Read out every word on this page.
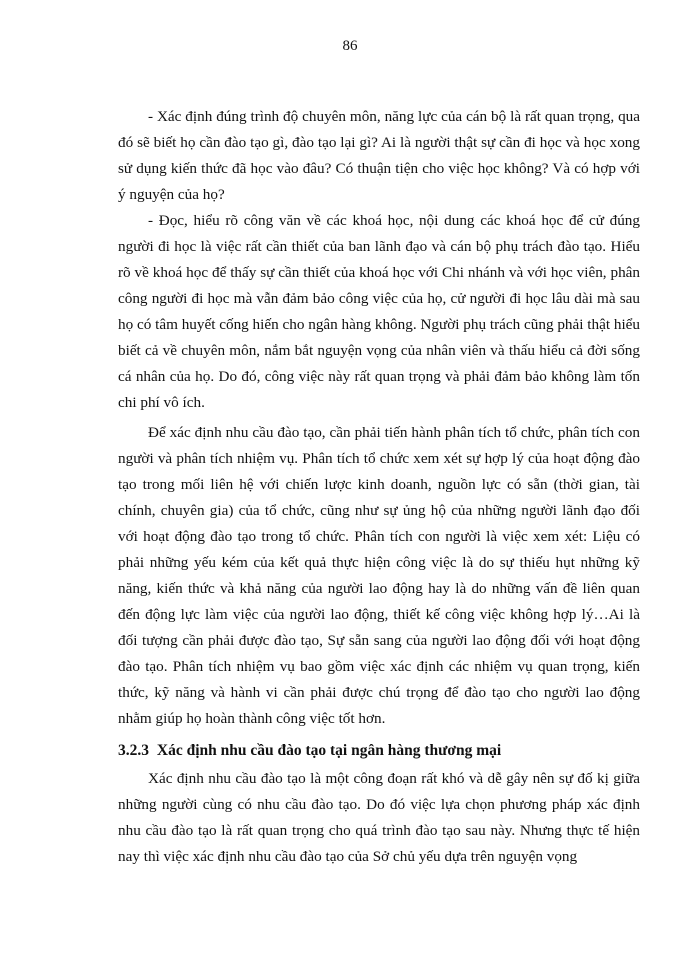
86

- Xác định đúng trình độ chuyên môn, năng lực của cán bộ là rất quan trọng, qua đó sẽ biết họ cần đào tạo gì, đào tạo lại gì? Ai là người thật sự cần đi học và học xong sử dụng kiến thức đã học vào đâu? Có thuận tiện cho việc học không? Và có hợp với ý nguyện của họ?

- Đọc, hiểu rõ công văn về các khoá học, nội dung các khoá học để cử đúng người đi học là việc rất cần thiết của ban lãnh đạo và cán bộ phụ trách đào tạo. Hiểu rõ về khoá học để thấy sự cần thiết của khoá học với Chi nhánh và với học viên, phân công người đi học mà vẫn đảm bảo công việc của họ, cử người đi học lâu dài mà sau họ có tâm huyết cống hiến cho ngân hàng không. Người phụ trách cũng phải thật hiểu biết cả về chuyên môn, nắm bắt nguyện vọng của nhân viên và thấu hiểu cả đời sống cá nhân của họ. Do đó, công việc này rất quan trọng và phải đảm bảo không làm tốn chi phí vô ích.

Để xác định nhu cầu đào tạo, cần phải tiến hành phân tích tổ chức, phân tích con người và phân tích nhiệm vụ. Phân tích tổ chức xem xét sự hợp lý của hoạt động đào tạo trong mối liên hệ với chiến lược kinh doanh, nguồn lực có sẵn (thời gian, tài chính, chuyên gia) của tổ chức, cũng như sự ủng hộ của những người lãnh đạo đối với hoạt động đào tạo trong tổ chức. Phân tích con người là việc xem xét: Liệu có phải những yếu kém của kết quả thực hiện công việc là do sự thiếu hụt những kỹ năng, kiến thức và khả năng của người lao động hay là do những vấn đề liên quan đến động lực làm việc của người lao động, thiết kế công việc không hợp lý…Ai là đối tượng cần phải được đào tạo, Sự sẵn sang của người lao động đối với hoạt động đào tạo. Phân tích nhiệm vụ bao gồm việc xác định các nhiệm vụ quan trọng, kiến thức, kỹ năng và hành vi cần phải được chú trọng để đào tạo cho người lao động nhằm giúp họ hoàn thành công việc tốt hơn.

3.2.3 Xác định nhu cầu đào tạo tại ngân hàng thương mại

Xác định nhu cầu đào tạo là một công đoạn rất khó và dễ gây nên sự đố kị giữa những người cùng có nhu cầu đào tạo. Do đó việc lựa chọn phương pháp xác định nhu cầu đào tạo là rất quan trọng cho quá trình đào tạo sau này. Nhưng thực tế hiện nay thì việc xác định nhu cầu đào tạo của Sở chủ yếu dựa trên nguyện vọng
